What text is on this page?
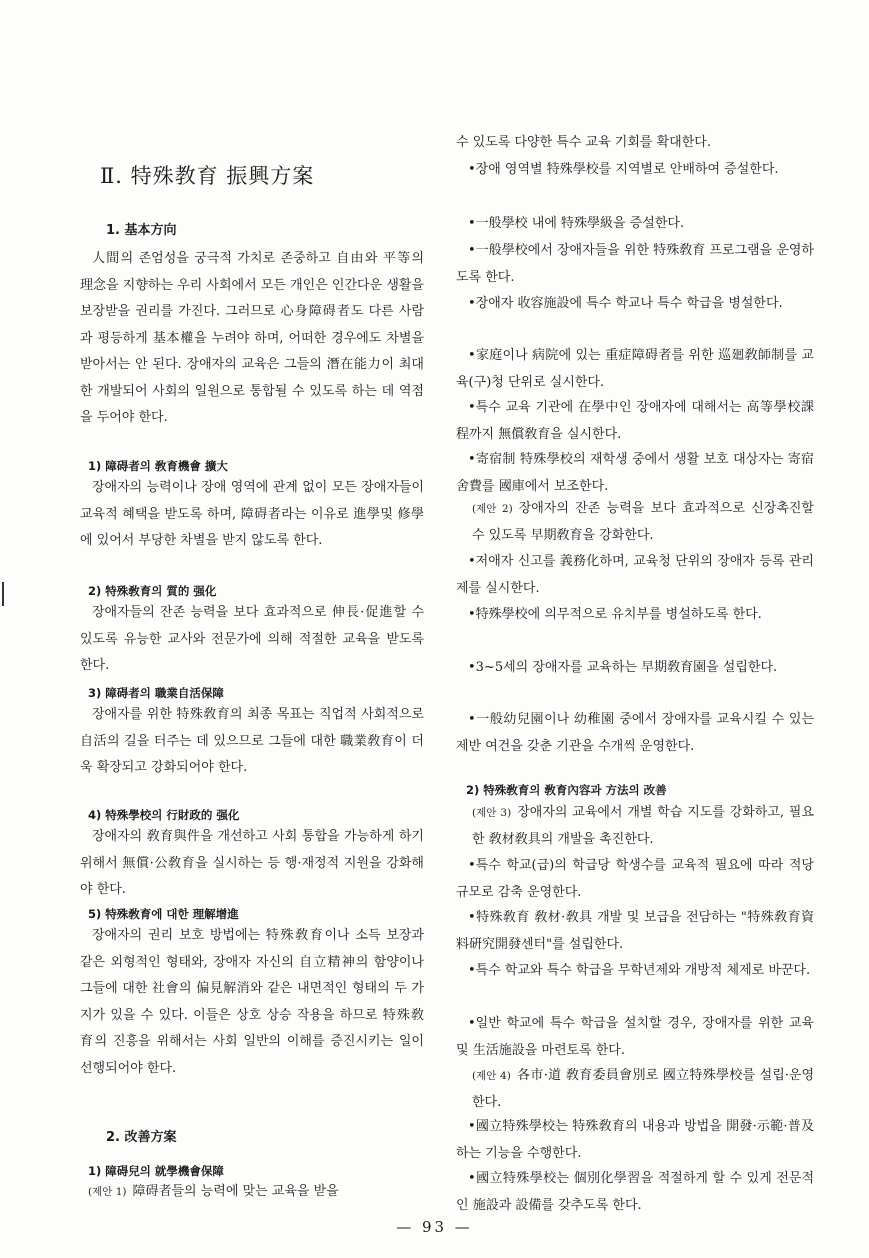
Ⅱ. 特殊教育 振興方案
1. 基本方向
人間의 존엄성을 궁극적 가치로 존중하고 自由와 平等의 理念을 지향하는 우리 사회에서 모든 개인은 인간다운 생활을 보장받을 권리를 가진다. 그러므로 心身障碍者도 다른 사람과 평등하게 基本權을 누려야 하며, 어떠한 경우에도 차별을 받아서는 안 된다. 장애자의 교육은 그들의 潛在能力이 최대한 개발되어 사회의 일원으로 통합될 수 있도록 하는 데 역점을 두어야 한다.
1) 障碍者의 敎育機會 擴大
장애자의 능력이나 장애 영역에 관계 없이 모든 장애자들이 교육적 혜택을 받도록 하며, 障碍者라는 이유로 進學및 修學에 있어서 부당한 차별을 받지 않도록 한다.
2) 特殊敎育의 質的 强化
장애자들의 잔존 능력을 보다 효과적으로 伸長·促進할 수 있도록 유능한 교사와 전문가에 의해 적절한 교육을 받도록 한다.
3) 障碍者의 職業自活保障
장애자를 위한 特殊敎育의 최종 목표는 직업적 사회적으로 自活의 길을 터주는 데 있으므로 그들에 대한 職業敎育이 더욱 확장되고 강화되어야 한다.
4) 特殊學校의 行財政的 强化
장애자의 敎育與件을 개선하고 사회 통합을 가능하게 하기 위해서 無償·公敎育을 실시하는 등 행·재정적 지원을 강화해야 한다.
5) 特殊敎育에 대한 理解增進
장애자의 권리 보호 방법에는 特殊敎育이나 소득 보장과 같은 외형적인 형태와, 장애자 자신의 自立精神의 함양이나 그들에 대한 社會의 偏見解消와 같은 내면적인 형태의 두 가지가 있을 수 있다. 이들은 상호 상승 작용을 하므로 特殊敎育의 진흥을 위해서는 사회 일반의 이해를 증진시키는 일이 선행되어야 한다.
2. 改善方案
1) 障碍兒의 就學機會保障
(제안 1) 障碍者들의 능력에 맞는 교육을 받을
수 있도록 다양한 특수 교육 기회를 확대한다.
•장애 영역별 特殊學校를 지역별로 안배하여 증설한다.
•一般學校 내에 特殊學級을 증설한다.
•一般學校에서 장애자들을 위한 特殊敎育 프로그램을 운영하도록 한다.
•장애자 收容施設에 특수 학교나 특수 학급을 병설한다.
•家庭이나 病院에 있는 重症障碍者를 위한 巡廻敎師制를 교육(구)청 단위로 실시한다.
•특수 교육 기관에 在學中인 장애자에 대해서는 高等學校課程까지 無償敎育을 실시한다.
•寄宿制 特殊學校의 재학생 중에서 생활 보호 대상자는 寄宿舍費를 國庫에서 보조한다.
(제안 2) 장애자의 잔존 능력을 보다 효과적으로 신장촉진할 수 있도록 早期敎育을 강화한다.
•저애자 신고를 義務化하며, 교육청 단위의 장애자 등록 관리제를 실시한다.
•特殊學校에 의무적으로 유치부를 병설하도록 한다.
•3~5세의 장애자를 교육하는 早期敎育園을 설립한다.
•一般幼兒園이나 幼稚園 중에서 장애자를 교육시킬 수 있는 제반 여건을 갖춘 기관을 수개씩 운영한다.
2) 特殊敎育의 敎育內容과 方法의 改善
(제안 3) 장애자의 교육에서 개별 학습 지도를 강화하고, 필요한 敎材敎具의 개발을 촉진한다.
•특수 학교(급)의 학급당 학생수를 교육적 필요에 따라 적당 규모로 감축 운영한다.
•特殊敎育 敎材·敎具 개발 및 보급을 전담하는 "特殊敎育資料硏究開發센터"를 설립한다.
•특수 학교와 특수 학급을 무학년제와 개방적 체제로 바꾼다.
•일반 학교에 특수 학급을 설치할 경우, 장애자를 위한 교육 및 生活施設을 마련토록 한다.
(제안 4) 各市·道 敎育委員會別로 國立特殊學校를 설립·운영한다.
•國立特殊學校는 特殊敎育의 내용과 방법을 開發·示範·普及하는 기능을 수행한다.
•國立特殊學校는 個別化學習을 적절하게 할 수 있게 전문적인 施設과 設備를 갖추도록 한다.
— 93 —
